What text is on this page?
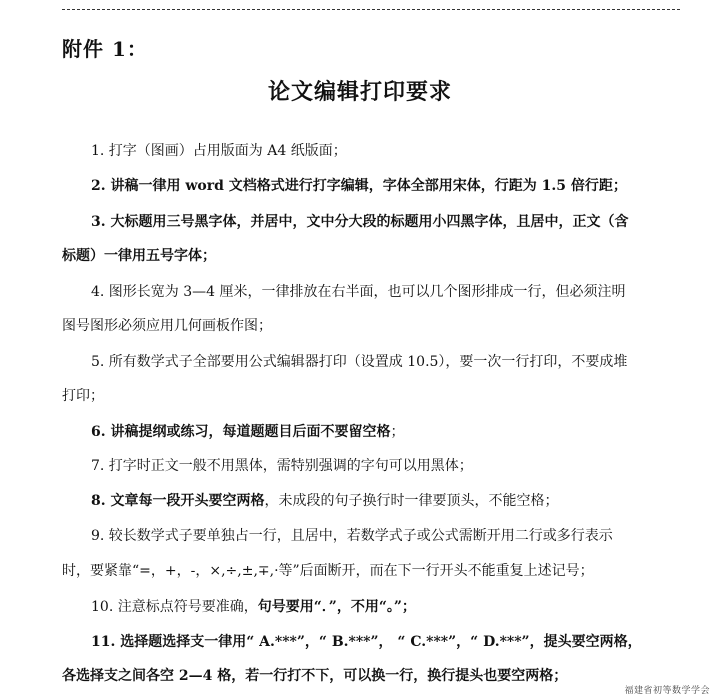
附件 1：
论文编辑打印要求
1. 打字（图画）占用版面为 A4 纸版面；
2. 讲稿一律用 word 文档格式进行打字编辑，字体全部用宋体，行距为 1.5 倍行距；
3. 大标题用三号黑字体，并居中，文中分大段的标题用小四黑字体，且居中，正文（含
标题）一律用五号字体；
4. 图形长宽为 3—4 厘米，一律排放在右半面，也可以几个图形排成一行，但必须注明
图号图形必须应用几何画板作图；
5. 所有数学式子全部要用公式编辑器打印（设置成 10.5），要一次一行打印，不要成堆
打印；
6. 讲稿提纲或练习，每道题题目后面不要留空格；
7. 打字时正文一般不用黑体，需特别强调的字句可以用黑体；
8. 文章每一段开头要空两格，未成段的句子换行时一律要顶头，不能空格；
9. 较长数学式子要单独占一行，且居中，若数学式子或公式需断开用二行或多行表示
时，要紧靠“=，+，-，×,÷,±,∓,·等”后面断开，而在下一行开头不能重复上述记号；
10. 注意标点符号要准确，句号要用“．”，不用“。”；
11. 选择题选择支一律用“ A.***”，“ B.***”， “ C.***”，“ D.***”，提头要空两格，
各选择支之间各空 2—4 格，若一行打不下，可以换一行，换行提头也要空两格；
福建省初等数学学会
